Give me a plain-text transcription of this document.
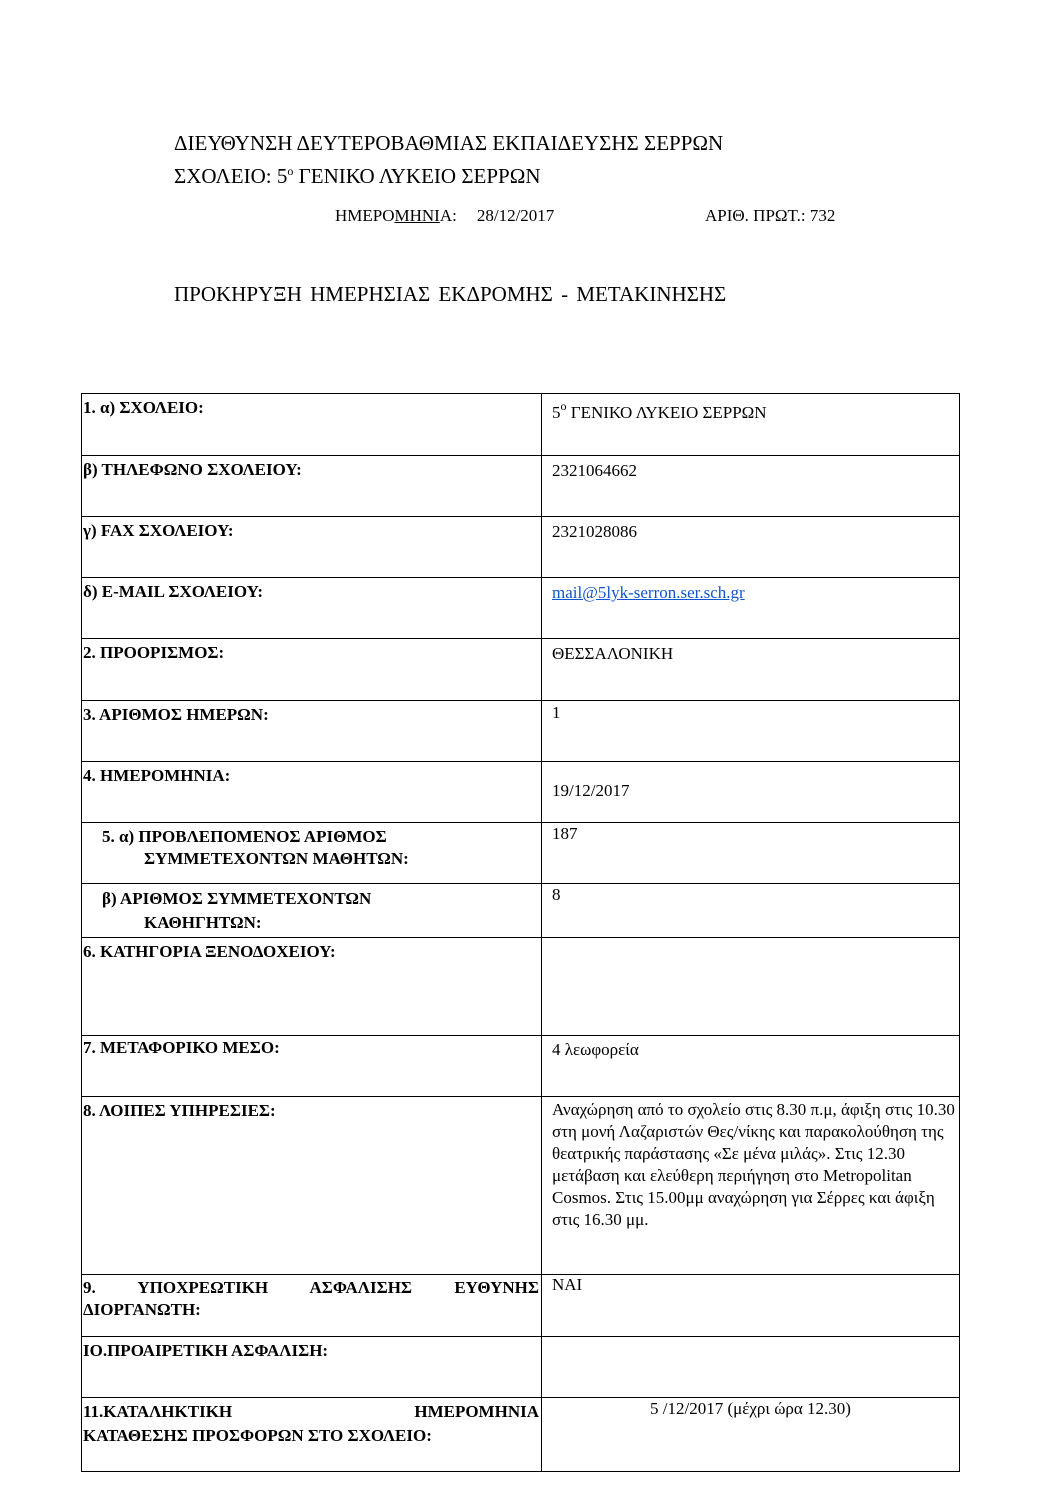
ΔΙΕΥΘΥΝΣΗ ΔΕΥΤΕΡΟΒΑΘΜΙΑΣ ΕΚΠΑΙΔΕΥΣΗΣ ΣΕΡΡΩΝ
ΣΧΟΛΕΙΟ: $5^o$ ΓΕΝΙΚΟ ΛΥΚΕΙΟ ΣΕΡΡΩΝ
ΗΜΕΡΟΜΗΝΙΑ: 28/12/2017	ΑΡΙΘ. ΠΡΩΤ.: 732
ΠΡΟΚΗΡΥΞΗ ΗΜΕΡΗΣΙΑΣ ΕΚΔΡΟΜΗΣ - ΜΕΤΑΚΙΝΗΣΗΣ
1. α) ΣΧΟΛΕΙΟ:	$5^o$ ΓΕΝΙΚΟ ΛΥΚΕΙΟ ΣΕΡΡΩΝ
β) ΤΗΛΕΦΩΝΟ ΣΧΟΛΕΙΟΥ:	2321064662
γ) FAX ΣΧΟΛΕΙΟΥ:	2321028086
δ) E-MAIL ΣΧΟΛΕΙΟΥ:	mail@5lyk-serron.ser.sch.gr
2. ΠΡΟΟΡΙΣΜΟΣ:	ΘΕΣΣΑΛΟΝΙΚΗ
3. ΑΡΙΘΜΟΣ ΗΜΕΡΩΝ:	1
4. ΗΜΕΡΟΜΗΝΙΑ:	19/12/2017
5. α) ΠΡΟΒΛΕΠΟΜΕΝΟΣ ΑΡΙΘΜΟΣ
ΣΥΜΜΕΤΕΧΟΝΤΩΝ ΜΑΘΗΤΩΝ:	187
β) ΑΡΙΘΜΟΣ ΣΥΜΜΕΤΕΧΟΝΤΩΝ
ΚΑΘΗΓΗΤΩΝ:	8
6. ΚΑΤΗΓΟΡΙΑ ΞΕΝΟΔΟΧΕΙΟΥ:	
7. ΜΕΤΑΦΟΡΙΚΟ ΜΕΣΟ:	4 λεωφορεία
8. ΛΟΙΠΕΣ ΥΠΗΡΕΣΙΕΣ:	Αναχώρηση από το σχολείο στις 8.30 π.μ, άφιξη στις 10.30 στη μονή Λαζαριστών Θες/νίκης και παρακολούθηση της θεατρικής παράστασης «Σε μένα μιλάς». Στις 12.30 μετάβαση και ελεύθερη περιήγηση στο Metropolitan Cosmos. Στις 15.00μμ αναχώρηση για Σέρρες και άφιξη στις 16.30 μμ.

9. ΥΠΟΧΡΕΩΤΙΚΗ ΑΣΦΑΛΙΣΗΣ ΕΥΘΥΝΗΣ
ΔΙΟΡΓΑΝΩΤΗ:	ΝΑΙ
ΙΟ.ΠΡΟΑΙΡΕΤΙΚΗ ΑΣΦΑΛΙΣΗ:	

11.ΚΑΤΑΛΗΚΤΙΚΗ ΗΜΕΡΟΜΗΝΙΑ
ΚΑΤΑΘΕΣΗΣ ΠΡΟΣΦΟΡΩΝ ΣΤΟ ΣΧΟΛΕΙΟ:	5 /12/2017 (μέχρι ώρα 12.30)
